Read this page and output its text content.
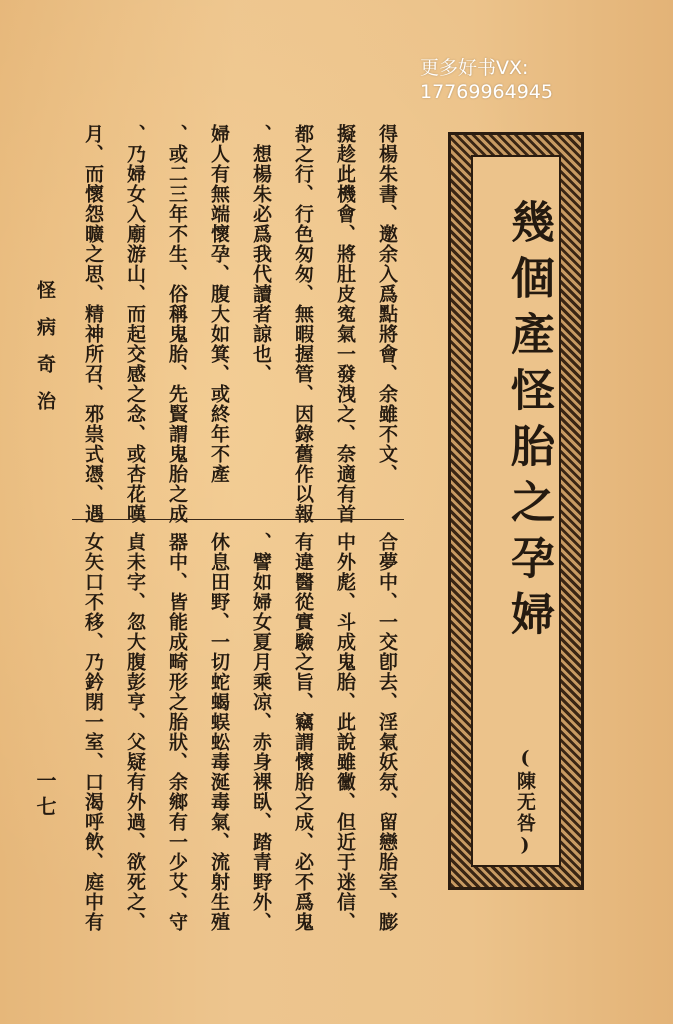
更多好书VX:
17769964945
幾個產怪胎之孕婦
(陳无咎)
得楊朱書、邀余入爲點將會、余雖不文、
擬趁此機會、將肚皮寃氣一發洩之、奈適有首
都之行、行色匆匆、無暇握管、因錄舊作以報
、想楊朱必爲我代讀者諒也、
婦人有無端懷孕、腹大如箕、或終年不產
、或二三年不生、俗稱鬼胎、先賢謂鬼胎之成
、乃婦女入廟游山、而起交感之念、或杏花嘆
月、而懷怨曠之思、精神所召、邪祟式憑、遇
合夢中、一交卽去、淫氣妖氛、留戀胎室、膨
中外彪、斗成鬼胎、此說雖黴、但近于迷信、
有違醫從實驗之旨、竊謂懷胎之成、必不爲鬼
、譬如婦女夏月乘凉、赤身裸臥、踏青野外、
休息田野、一切蛇蝎蜈蚣毒涎毒氣、流射生殖
器中、皆能成畸形之胎狀、余鄉有一少艾、守
貞未字、忽大腹彭亨、父疑有外過、欲死之、
女矢口不移、乃鈐閉一室、口渴呼飲、庭中有
怪病奇治
一七
